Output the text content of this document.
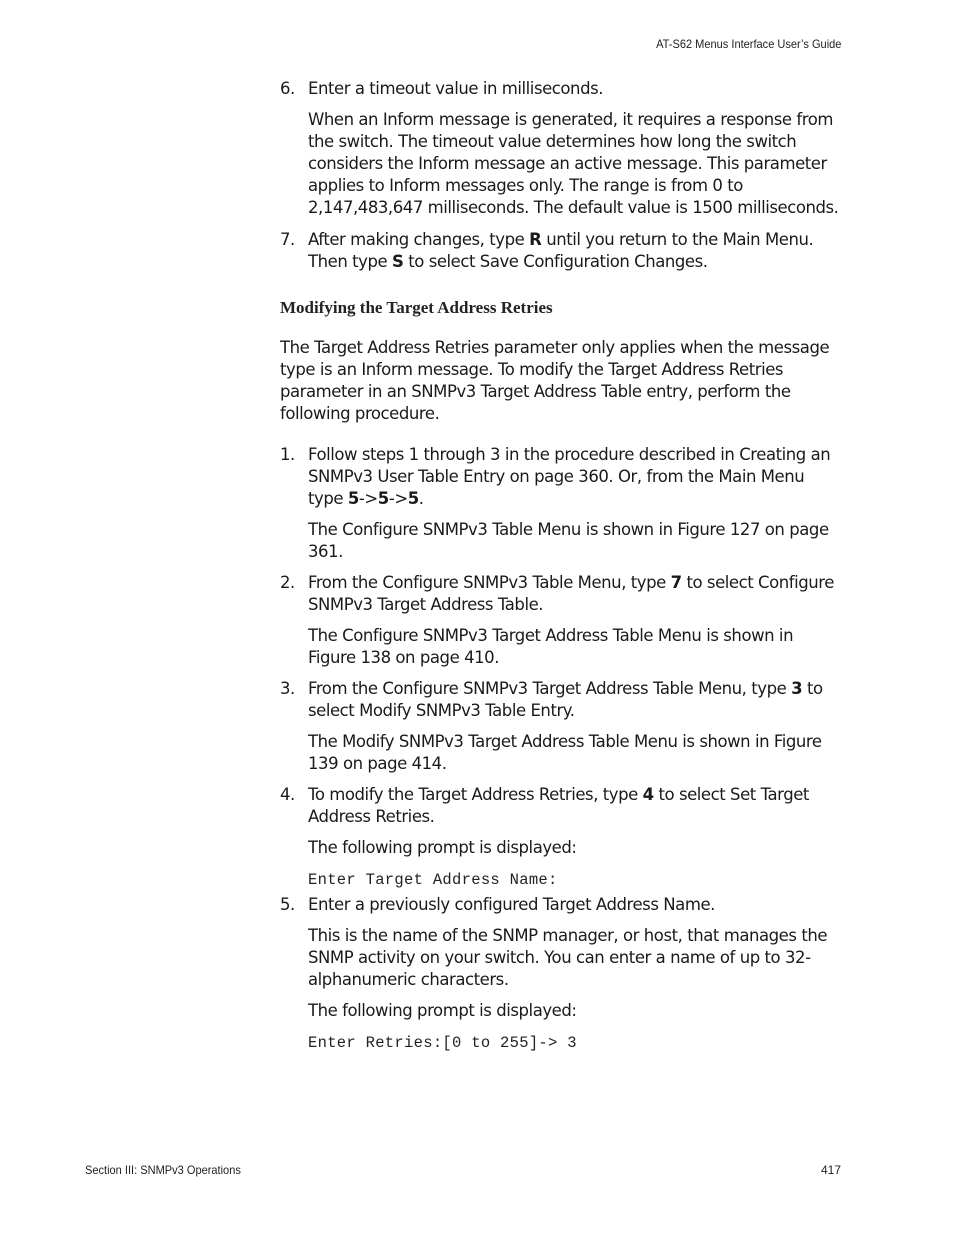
AT-S62 Menus Interface User’s Guide
6. Enter a timeout value in milliseconds.
When an Inform message is generated, it requires a response from the switch. The timeout value determines how long the switch considers the Inform message an active message. This parameter applies to Inform messages only. The range is from 0 to 2,147,483,647 milliseconds. The default value is 1500 milliseconds.
7. After making changes, type R until you return to the Main Menu. Then type S to select Save Configuration Changes.
Modifying the Target Address Retries
The Target Address Retries parameter only applies when the message type is an Inform message. To modify the Target Address Retries parameter in an SNMPv3 Target Address Table entry, perform the following procedure.
1. Follow steps 1 through 3 in the procedure described in Creating an SNMPv3 User Table Entry on page 360. Or, from the Main Menu type 5->5->5.
The Configure SNMPv3 Table Menu is shown in Figure 127 on page 361.
2. From the Configure SNMPv3 Table Menu, type 7 to select Configure SNMPv3 Target Address Table.
The Configure SNMPv3 Target Address Table Menu is shown in Figure 138 on page 410.
3. From the Configure SNMPv3 Target Address Table Menu, type 3 to select Modify SNMPv3 Table Entry.
The Modify SNMPv3 Target Address Table Menu is shown in Figure 139 on page 414.
4. To modify the Target Address Retries, type 4 to select Set Target Address Retries.
The following prompt is displayed:
Enter Target Address Name:
5. Enter a previously configured Target Address Name.
This is the name of the SNMP manager, or host, that manages the SNMP activity on your switch. You can enter a name of up to 32-alphanumeric characters.
The following prompt is displayed:
Enter Retries:[0 to 255]-> 3
Section III: SNMPv3 Operations	417
